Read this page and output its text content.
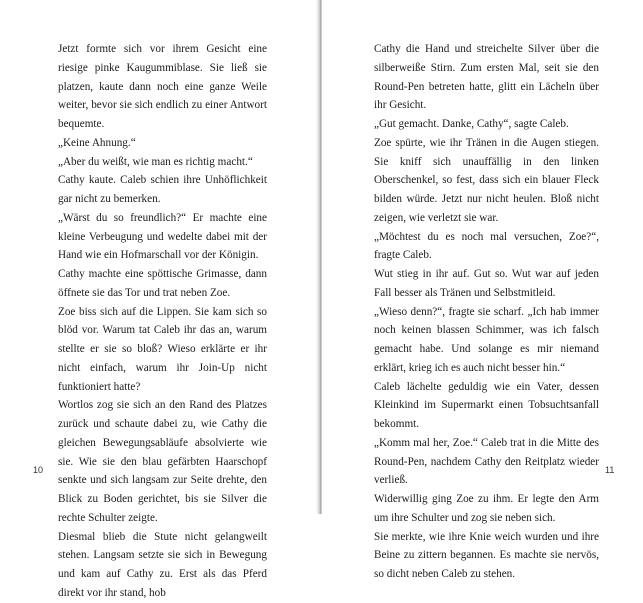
Jetzt formte sich vor ihrem Gesicht eine riesige pinke Kaugummiblase. Sie ließ sie platzen, kaute dann noch eine ganze Weile weiter, bevor sie sich endlich zu einer Antwort bequemte.

„Keine Ahnung.“

„Aber du weißt, wie man es richtig macht.“

Cathy kaute. Caleb schien ihre Unhöflichkeit gar nicht zu bemerken.

„Wärst du so freundlich?“ Er machte eine kleine Verbeugung und wedelte dabei mit der Hand wie ein Hofmarschall vor der Königin.

Cathy machte eine spöttische Grimasse, dann öffnete sie das Tor und trat neben Zoe.

Zoe biss sich auf die Lippen. Sie kam sich so blöd vor. Warum tat Caleb ihr das an, warum stellte er sie so bloß? Wieso erklärte er ihr nicht einfach, warum ihr Join-Up nicht funktioniert hatte?

Wortlos zog sie sich an den Rand des Platzes zurück und schaute dabei zu, wie Cathy die gleichen Bewegungsabläufe absolvierte wie sie. Wie sie den blau gefärbten Haarschopf senkte und sich langsam zur Seite drehte, den Blick zu Boden gerichtet, bis sie Silver die rechte Schulter zeigte.

Diesmal blieb die Stute nicht gelangweilt stehen. Langsam setzte sie sich in Bewegung und kam auf Cathy zu. Erst als das Pferd direkt vor ihr stand, hob

10

Cathy die Hand und streichelte Silver über die silberweiße Stirn. Zum ersten Mal, seit sie den Round-Pen betreten hatte, glitt ein Lächeln über ihr Gesicht.

„Gut gemacht. Danke, Cathy“, sagte Caleb.

Zoe spürte, wie ihr Tränen in die Augen stiegen. Sie kniff sich unauffällig in den linken Oberschenkel, so fest, dass sich ein blauer Fleck bilden würde. Jetzt nur nicht heulen. Bloß nicht zeigen, wie verletzt sie war.

„Möchtest du es noch mal versuchen, Zoe?“, fragte Caleb.

Wut stieg in ihr auf. Gut so. Wut war auf jeden Fall besser als Tränen und Selbstmitleid.

„Wieso denn?“, fragte sie scharf. „Ich hab immer noch keinen blassen Schimmer, was ich falsch gemacht habe. Und solange es mir niemand erklärt, krieg ich es auch nicht besser hin.“

Caleb lächelte geduldig wie ein Vater, dessen Kleinkind im Supermarkt einen Tobsuchtsanfall bekommt.

„Komm mal her, Zoe.“ Caleb trat in die Mitte des Round-Pen, nachdem Cathy den Reitplatz wieder verließ.

Widerwillig ging Zoe zu ihm. Er legte den Arm um ihre Schulter und zog sie neben sich.

Sie merkte, wie ihre Knie weich wurden und ihre Beine zu zittern begannen. Es machte sie nervös, so dicht neben Caleb zu stehen.

11
